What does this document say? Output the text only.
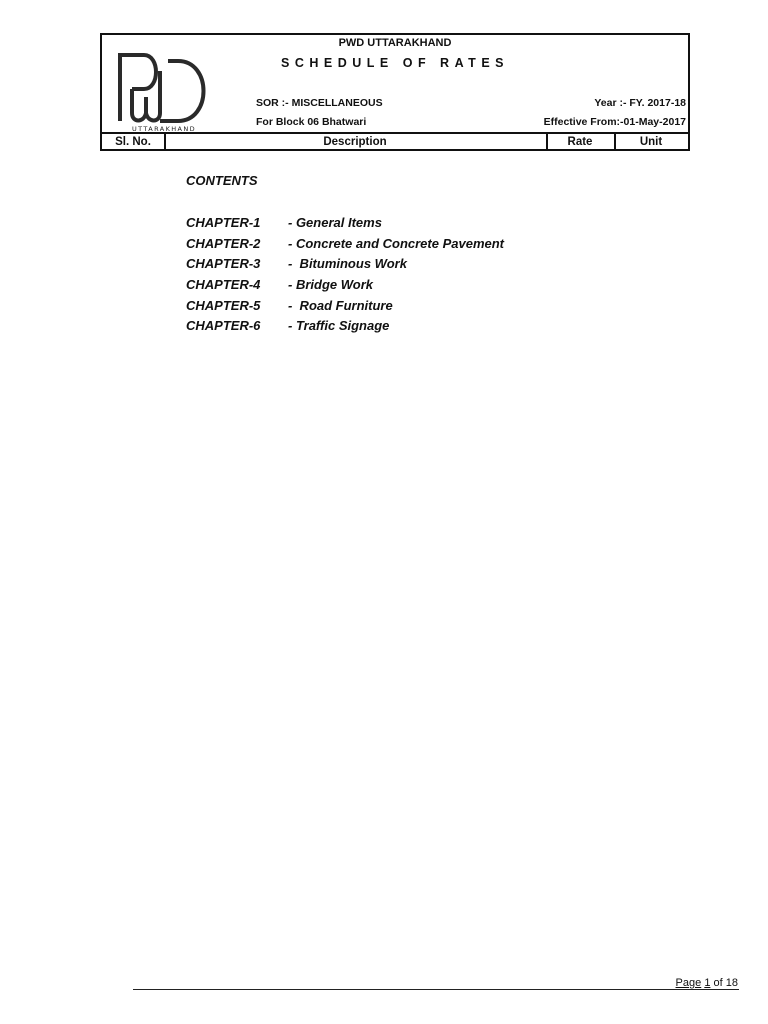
UTTARAKHAND
PWD UTTARAKHAND
SCHEDULE OF RATES
SOR :- MISCELLANEOUS
For Block 06 Bhatwari
Year :- FY. 2017-18
Effective From:-01-May-2017
Sl. No.	Description	Rate	Unit
CONTENTS
CHAPTER-1 - General Items
CHAPTER-2 - Concrete and Concrete Pavement
CHAPTER-3 -  Bituminous Work
CHAPTER-4 - Bridge Work
CHAPTER-5 -  Road Furniture
CHAPTER-6 - Traffic Signage
Page 1 of 18
